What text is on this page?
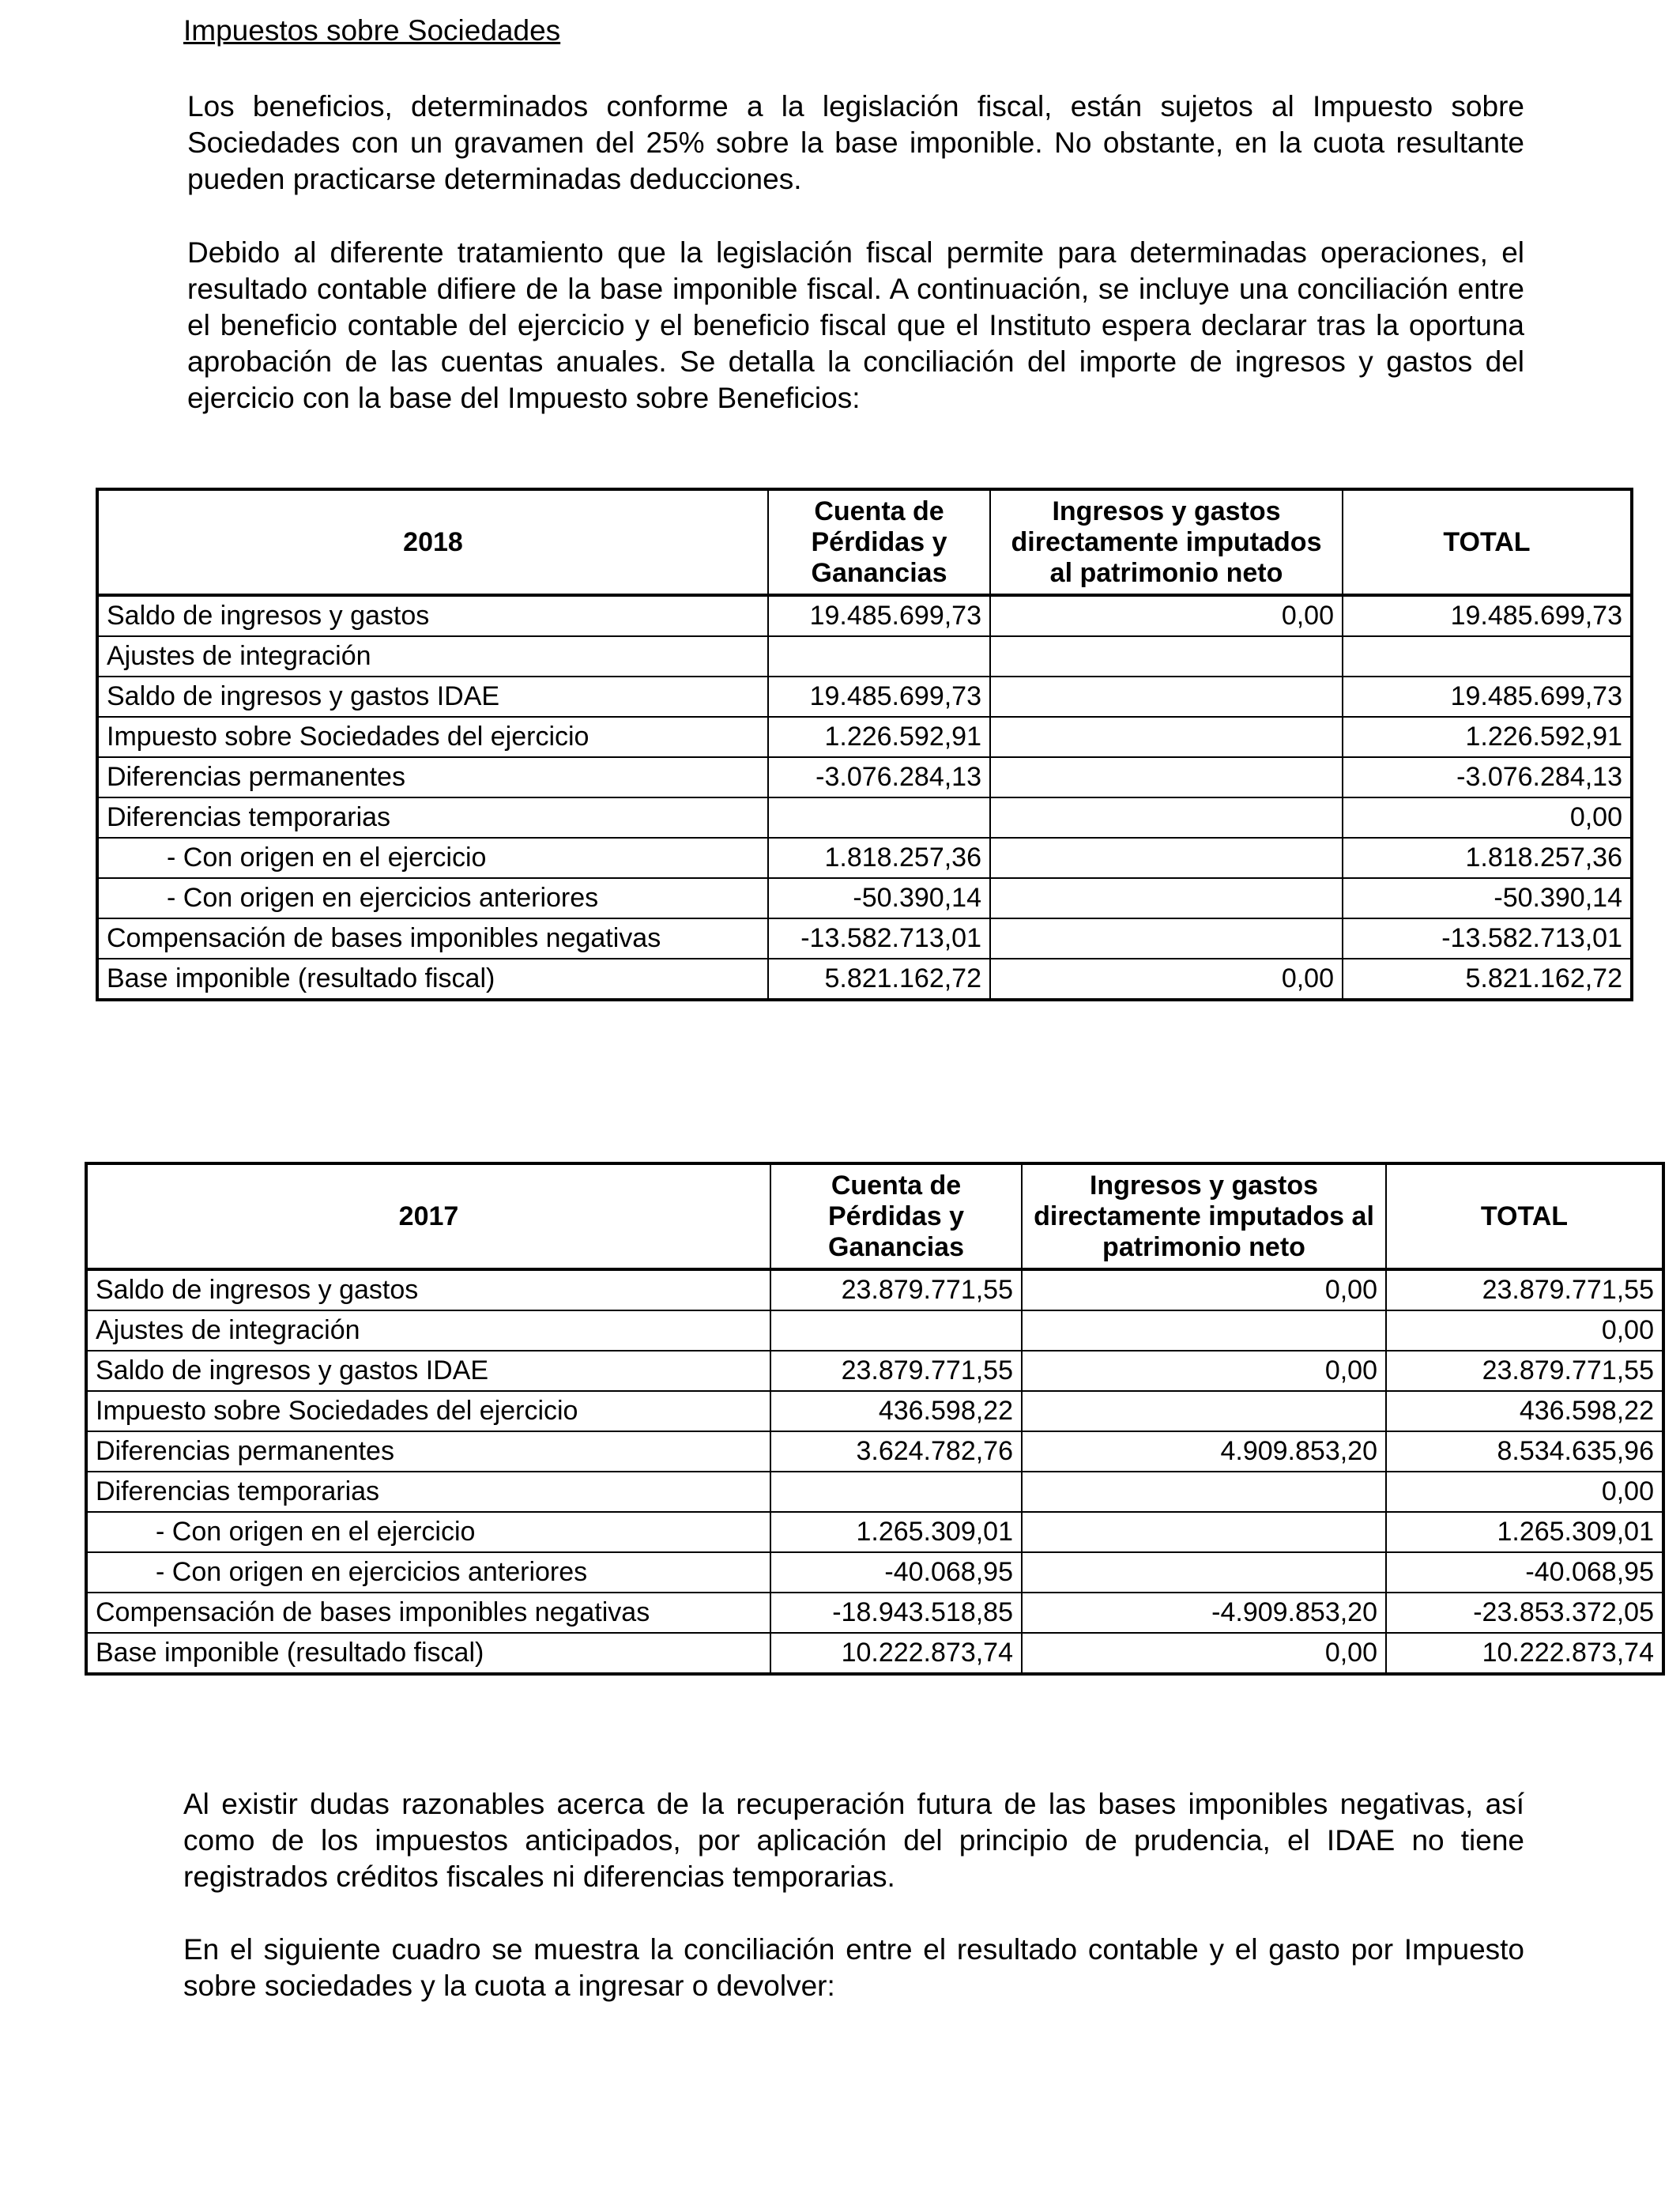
Impuestos sobre Sociedades

Los beneficios, determinados conforme a la legislación fiscal, están sujetos al Impuesto sobre Sociedades con un gravamen del 25% sobre la base imponible. No obstante, en la cuota resultante pueden practicarse determinadas deducciones.

Debido al diferente tratamiento que la legislación fiscal permite para determinadas operaciones, el resultado contable difiere de la base imponible fiscal. A continuación, se incluye una conciliación entre el beneficio contable del ejercicio y el beneficio fiscal que el Instituto espera declarar tras la oportuna aprobación de las cuentas anuales. Se detalla la conciliación del importe de ingresos y gastos del ejercicio con la base del Impuesto sobre Beneficios:

2018	Cuenta de Pérdidas y Ganancias	Ingresos y gastos directamente imputados al patrimonio neto	TOTAL
Saldo de ingresos y gastos	19.485.699,73	0,00	19.485.699,73
Ajustes de integración			
Saldo de ingresos y gastos IDAE	19.485.699,73		19.485.699,73
Impuesto sobre Sociedades del ejercicio	1.226.592,91		1.226.592,91
Diferencias permanentes	-3.076.284,13		-3.076.284,13
Diferencias temporarias			0,00
- Con origen en el ejercicio	1.818.257,36		1.818.257,36
- Con origen en ejercicios anteriores	-50.390,14		-50.390,14
Compensación de bases imponibles negativas	-13.582.713,01		-13.582.713,01
Base imponible (resultado fiscal)	5.821.162,72	0,00	5.821.162,72
2017	Cuenta de Pérdidas y Ganancias	Ingresos y gastos directamente imputados al patrimonio neto	TOTAL
Saldo de ingresos y gastos	23.879.771,55	0,00	23.879.771,55
Ajustes de integración			0,00
Saldo de ingresos y gastos IDAE	23.879.771,55	0,00	23.879.771,55
Impuesto sobre Sociedades del ejercicio	436.598,22		436.598,22
Diferencias permanentes	3.624.782,76	4.909.853,20	8.534.635,96
Diferencias temporarias			0,00
- Con origen en el ejercicio	1.265.309,01		1.265.309,01
- Con origen en ejercicios anteriores	-40.068,95		-40.068,95
Compensación de bases imponibles negativas	-18.943.518,85	-4.909.853,20	-23.853.372,05
Base imponible (resultado fiscal)	10.222.873,74	0,00	10.222.873,74

Al existir dudas razonables acerca de la recuperación futura de las bases imponibles negativas, así como de los impuestos anticipados, por aplicación del principio de prudencia, el IDAE no tiene registrados créditos fiscales ni diferencias temporarias.

En el siguiente cuadro se muestra la conciliación entre el resultado contable y el gasto por Impuesto sobre sociedades y la cuota a ingresar o devolver:
